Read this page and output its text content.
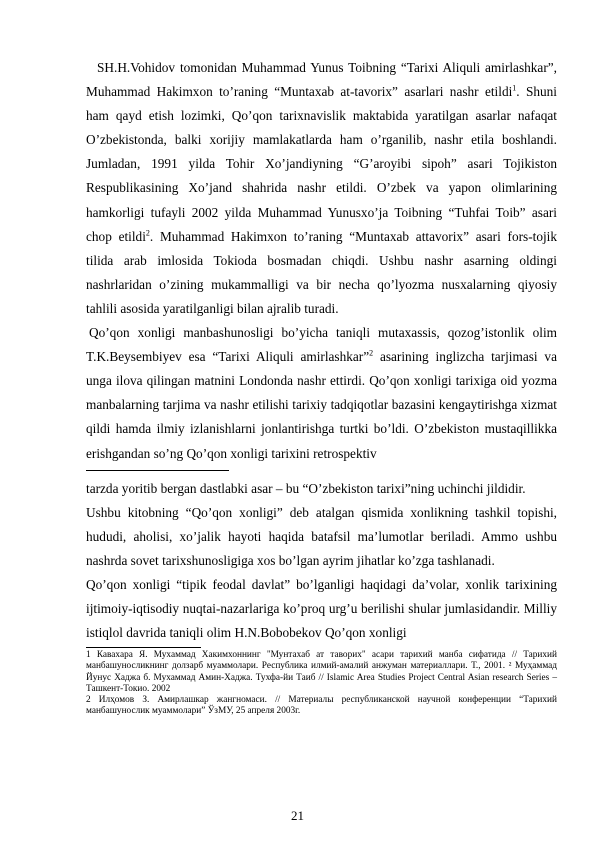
SH.H.Vohidov tomonidan Muhammad Yunus Toibning “Tarixi Aliquli amirlashkar”, Muhammad Hakimxon to’raning “Muntaxab at-tavorix” asarlari nashr etildi$^1$. Shuni ham qayd etish lozimki, Qo’qon tarixnavislik maktabida yaratilgan asarlar nafaqat O’zbekistonda, balki xorijiy mamlakatlarda ham o’rganilib, nashr etila boshlandi. Jumladan, 1991 yilda Tohir Xo’jandiyning “G’aroyibi sipoh” asari Tojikiston Respublikasining Xo’jand shahrida nashr etildi. O’zbek va yapon olimlarining hamkorligi tufayli 2002 yilda Muhammad Yunusxo’ja Toibning “Tuhfai Toib” asari chop etildi$^2$. Muhammad Hakimxon to’raning “Muntaxab attavorix” asari fors-tojik tilida arab imlosida Tokioda bosmadan chiqdi. Ushbu nashr asarning oldingi nashrlaridan o’zining mukammalligi va bir necha qo’lyozma nusxalarning qiyosiy tahlili asosida yaratilganligi bilan ajralib turadi.

Qo’qon xonligi manbashunosligi bo’yicha taniqli mutaxassis, qozog’istonlik olim T.K.Beysembiyev esa “Tarixi Aliquli amirlashkar”$^2$ asarining inglizcha tarjimasi va unga ilova qilingan matnini Londonda nashr ettirdi. Qo’qon xonligi tarixiga oid yozma manbalarning tarjima va nashr etilishi tarixiy tadqiqotlar bazasini kengaytirishga xizmat qildi hamda ilmiy izlanishlarni jonlantirishga turtki bo’ldi. O’zbekiston mustaqillikka erishgandan so’ng Qo’qon xonligi tarixini retrospektiv

tarzda yoritib bergan dastlabki asar – bu “O’zbekiston tarixi”ning uchinchi jildidir.

Ushbu kitobning “Qo’qon xonligi” deb atalgan qismida xonlikning tashkil topishi, hududi, aholisi, xo’jalik hayoti haqida batafsil ma’lumotlar beriladi. Ammo ushbu nashrda sovet tarixshunosligiga xos bo’lgan ayrim jihatlar ko’zga tashlanadi.

Qo’qon xonligi “tipik feodal davlat” bo’lganligi haqidagi da’volar, xonlik tarixining ijtimoiy-iqtisodiy nuqtai-nazarlariga ko’proq urg’u berilishi shular jumlasidandir. Milliy istiqlol davrida taniqli olim H.N.Bobobekov Qo’qon xonligi

1 Кавахара Я. Мухаммад Хакимхоннинг "Мунтахаб ат таворих" асари тарихий манба сифатида // Тарихий манбашуносликнинг долзарб муаммолари. Республика илмий-амалий анжуман материаллари. Т., 2001. ² Муҳаммад Йунус Хаджа б. Мухаммад Амин-Хаджа. Тухфа-йи Таиб // Islamic Area Studies Project Central Asian research Series –Ташкент-Токио. 2002

2 Илҳомов З. Амирлашкар жангномаси. // Материалы республиканской научной конференции “Тарихий манбашунослик муаммолари” ЎзМУ, 25 апреля 2003г.

21
